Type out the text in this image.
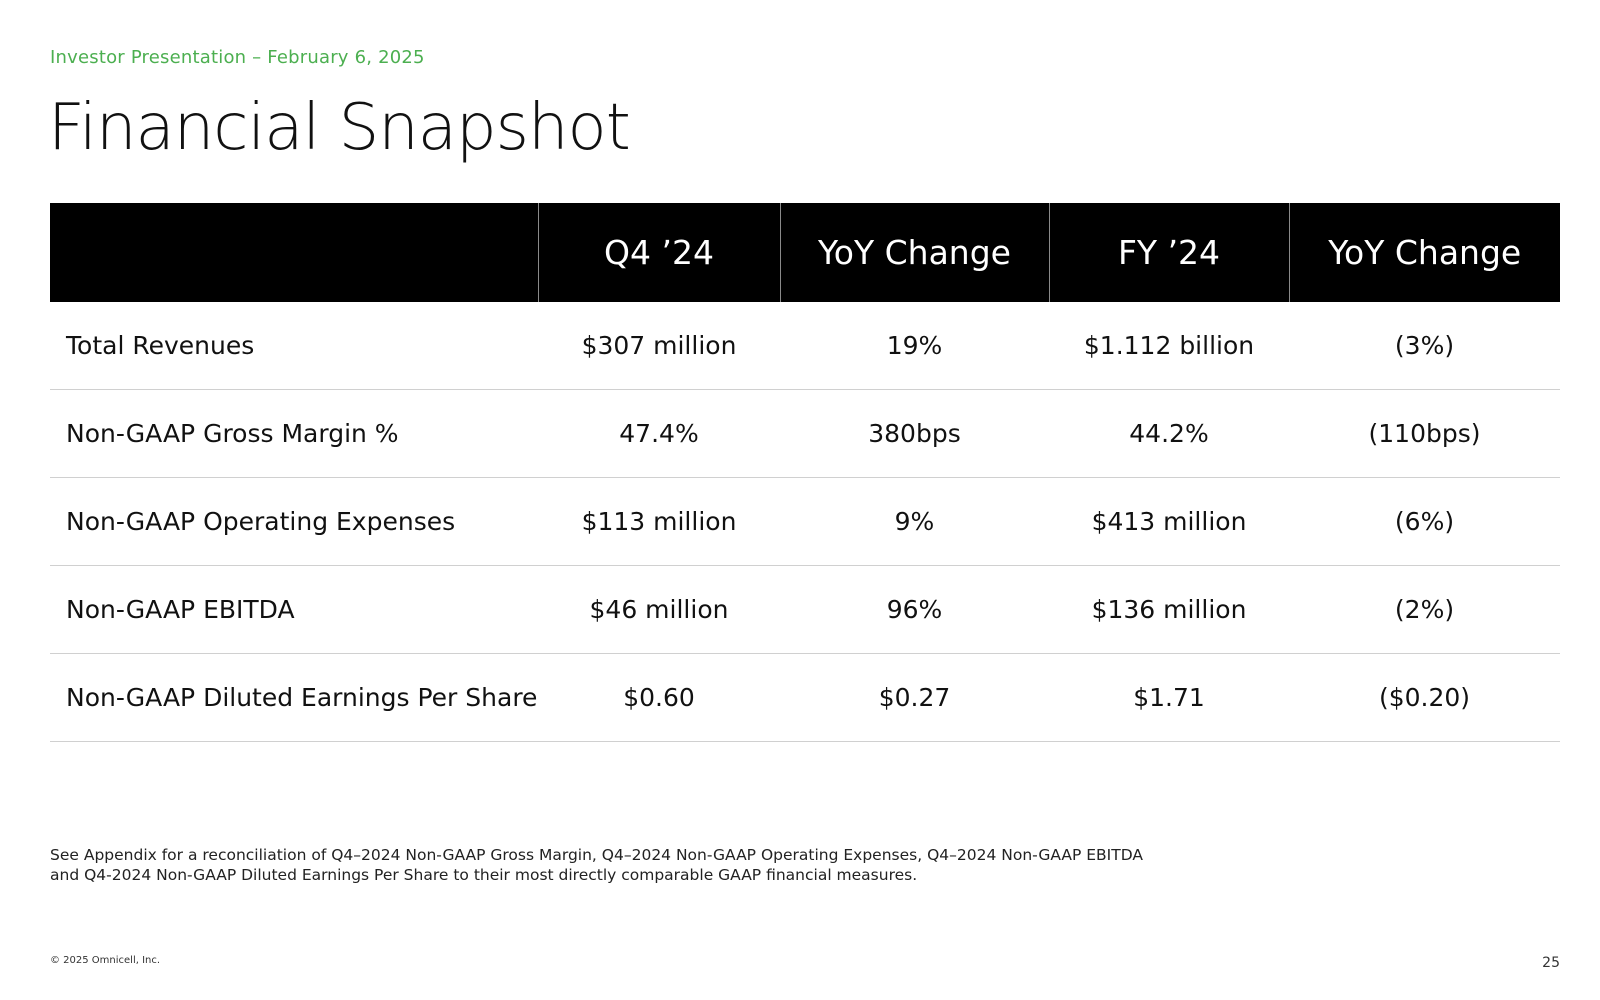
Investor Presentation – February 6, 2025
Financial Snapshot
	Q4 ’24	YoY Change	FY ’24	YoY Change
Total Revenues	$307 million	19%	$1.112 billion	(3%)
Non-GAAP Gross Margin %	47.4%	380bps	44.2%	(110bps)
Non-GAAP Operating Expenses	$113 million	9%	$413 million	(6%)
Non-GAAP EBITDA	$46 million	96%	$136 million	(2%)
Non-GAAP Diluted Earnings Per Share	$0.60	$0.27	$1.71	($0.20)
See Appendix for a reconciliation of Q4–2024 Non-GAAP Gross Margin, Q4–2024 Non-GAAP Operating Expenses, Q4–2024 Non-GAAP EBITDA
and Q4-2024 Non-GAAP Diluted Earnings Per Share to their most directly comparable GAAP financial measures.
© 2025 Omnicell, Inc.	25
